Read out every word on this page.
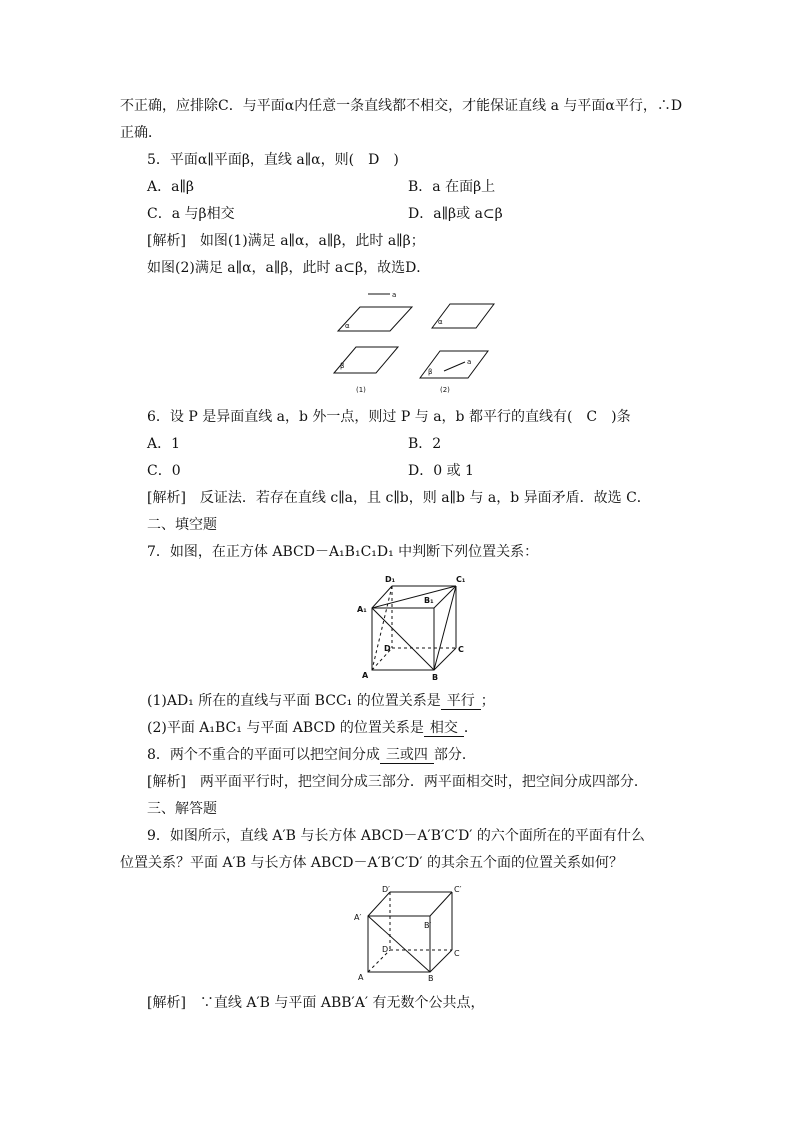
不正确，应排除C．与平面α内任意一条直线都不相交，才能保证直线 a 与平面α平行，∴D
正确．
5．平面α∥平面β，直线 a∥α，则(　D　)
A．a∥β	B．a 在面β上
C．a 与β相交	D．a∥β或 a⊂β
[解析]　如图(1)满足 a∥α，a∥β，此时 a∥β；
如图(2)满足 a∥α，a∥β，此时 a⊂β，故选D．
a
α
β
(1)
α
β
a
(2)
6．设 P 是异面直线 a，b 外一点，则过 P 与 a，b 都平行的直线有(　C　)条
A．1	B．2
C．0	D．0 或 1
[解析]　反证法．若存在直线 c∥a，且 c∥b，则 a∥b 与 a，b 异面矛盾．故选 C．
二、填空题
7．如图，在正方体 ABCD－A₁B₁C₁D₁ 中判断下列位置关系：
D₁	C₁
A₁
B₁
D	C
A	B
(1)AD₁ 所在的直线与平面 BCC₁ 的位置关系是 平行 ；
(2)平面 A₁BC₁ 与平面 ABCD 的位置关系是 相交 ．
8．两个不重合的平面可以把空间分成 三或四 部分．
[解析]　两平面平行时，把空间分成三部分．两平面相交时，把空间分成四部分．
三、解答题
9．如图所示，直线 A′B 与长方体 ABCD－A′B′C′D′ 的六个面所在的平面有什么
位置关系？平面 A′B 与长方体 ABCD－A′B′C′D′ 的其余五个面的位置关系如何？
D′	C′
A′
B′
D	C
A	B
[解析]　∵直线 A′B 与平面 ABB′A′ 有无数个公共点，
